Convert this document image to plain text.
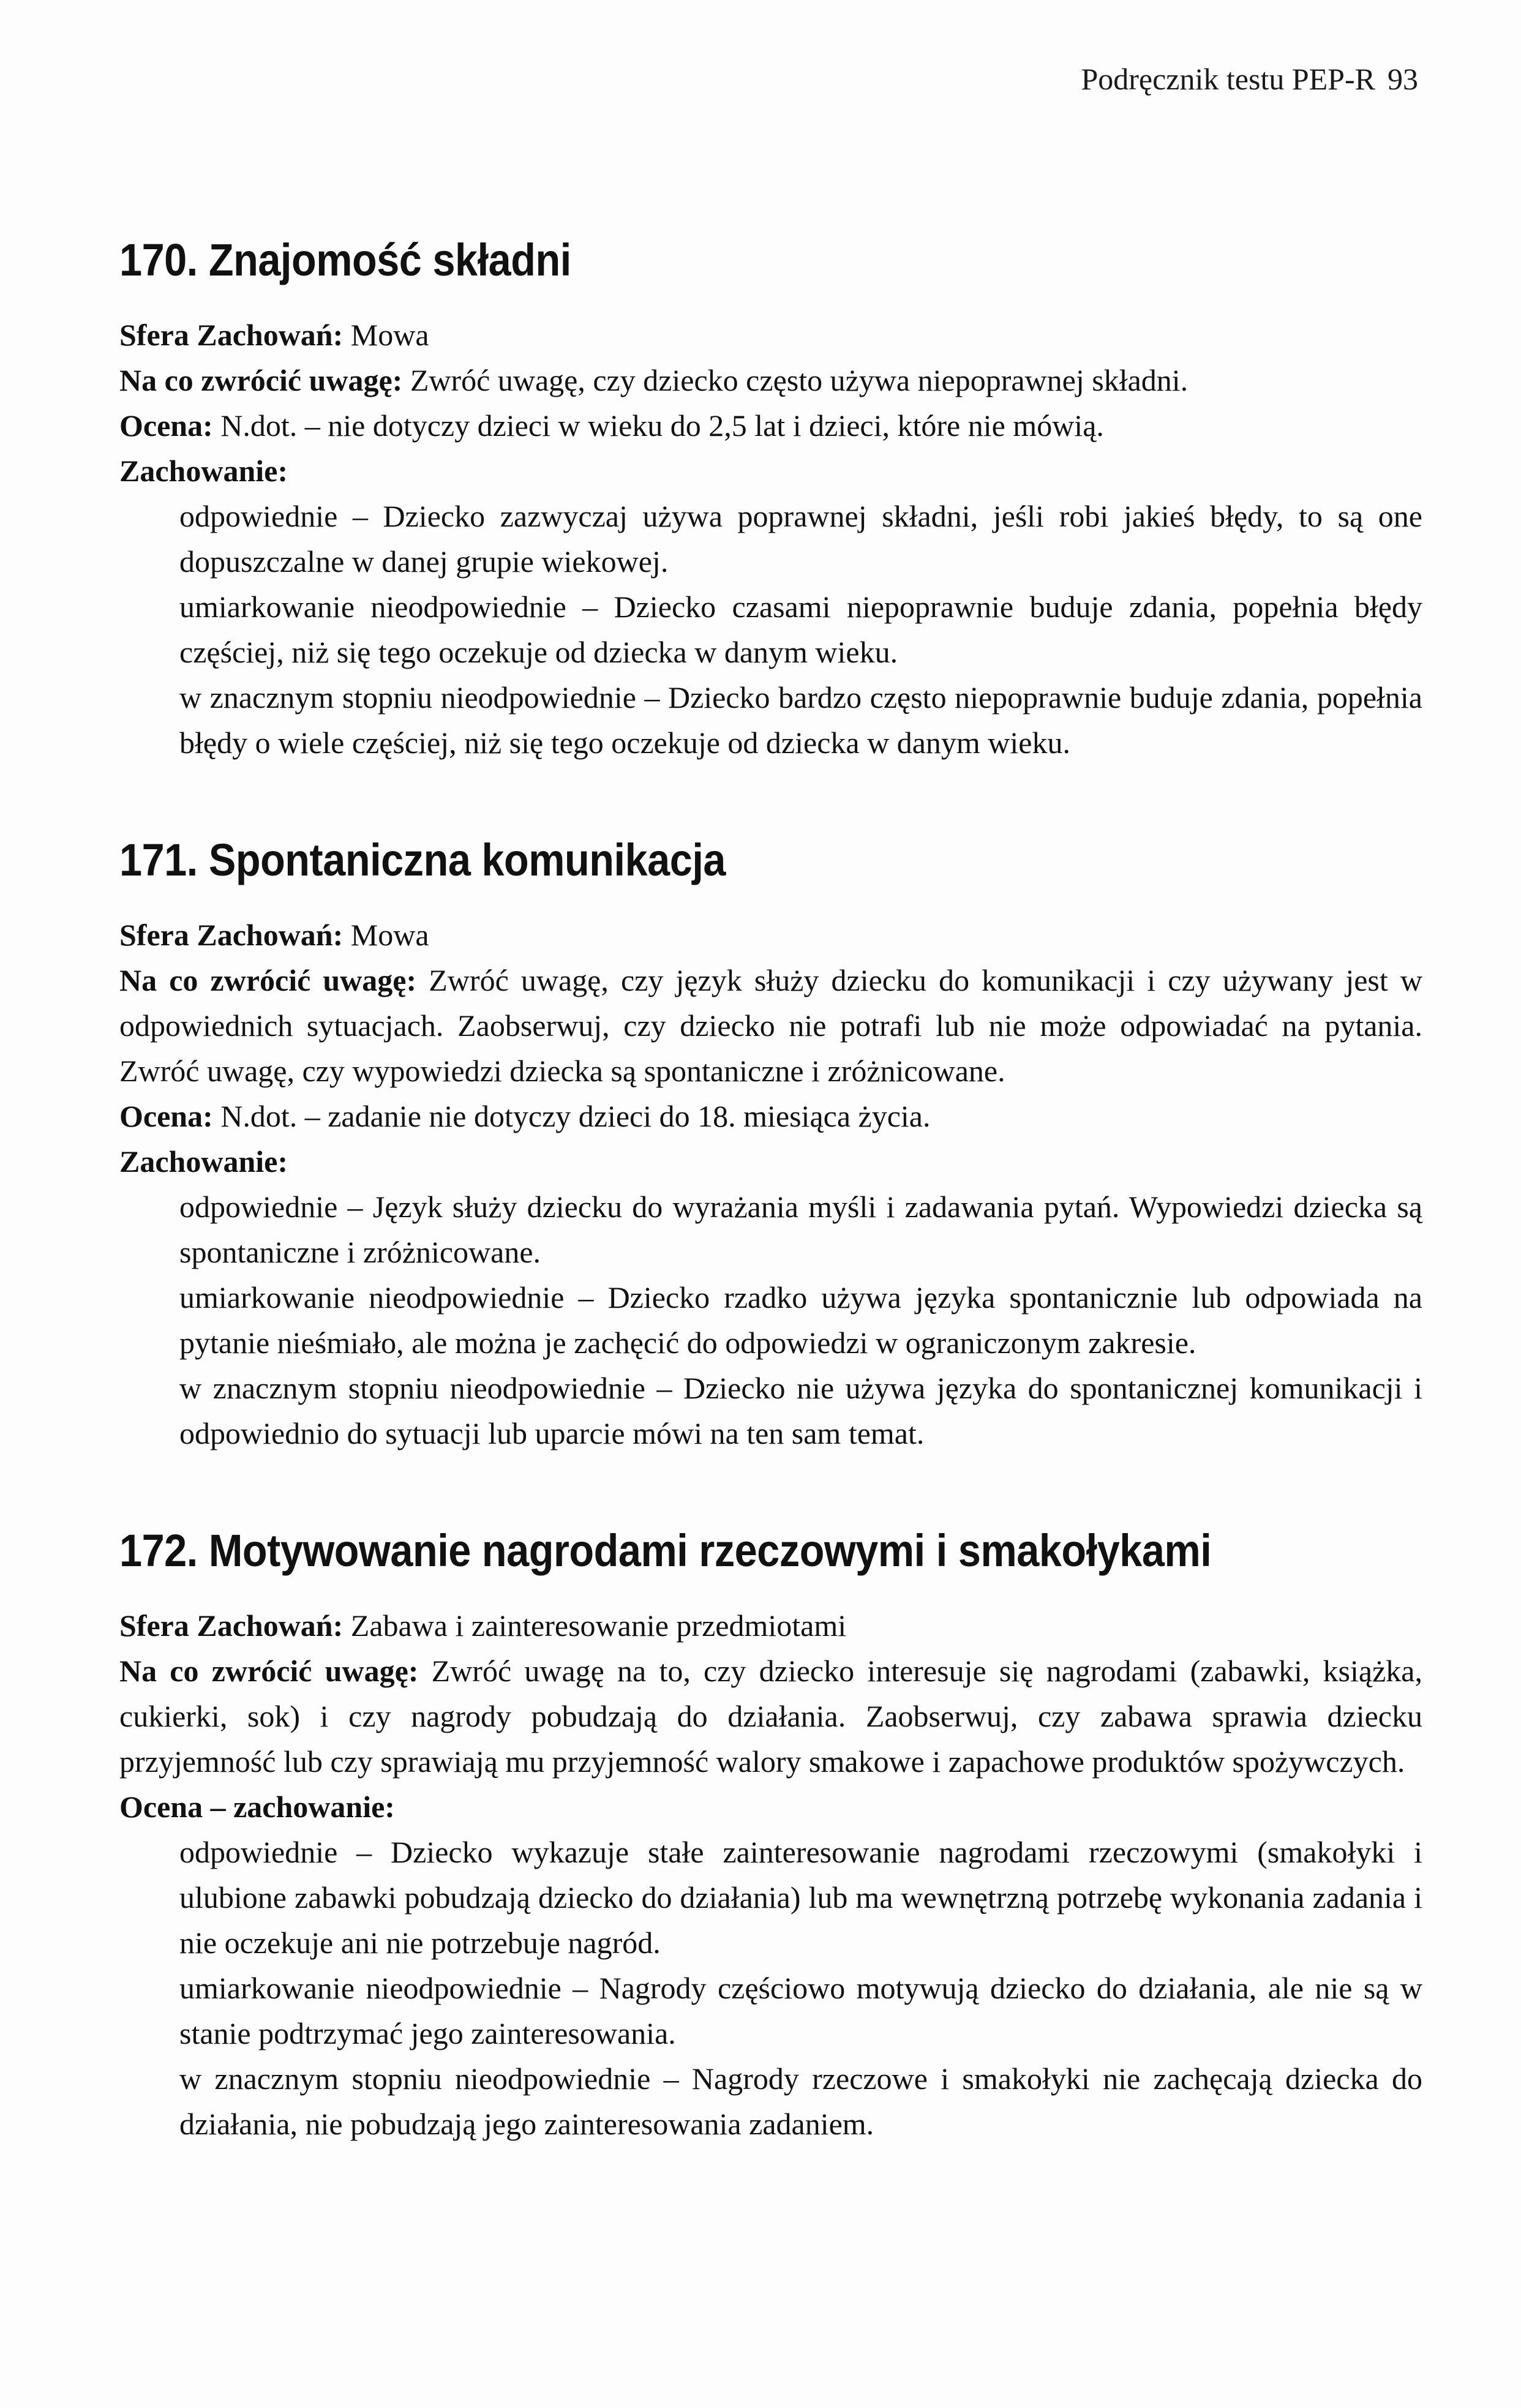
Podręcznik testu PEP-R 93
170. Znajomość składni
Sfera Zachowań: Mowa
Na co zwrócić uwagę: Zwróć uwagę, czy dziecko często używa niepoprawnej składni.
Ocena: N.dot. – nie dotyczy dzieci w wieku do 2,5 lat i dzieci, które nie mówią.
Zachowanie:
odpowiednie – Dziecko zazwyczaj używa poprawnej składni, jeśli robi jakieś błędy, to są one dopuszczalne w danej grupie wiekowej.
umiarkowanie nieodpowiednie – Dziecko czasami niepoprawnie buduje zdania, popełnia błędy częściej, niż się tego oczekuje od dziecka w danym wieku.
w znacznym stopniu nieodpowiednie – Dziecko bardzo często niepoprawnie buduje zdania, popełnia błędy o wiele częściej, niż się tego oczekuje od dziecka w danym wieku.
171. Spontaniczna komunikacja
Sfera Zachowań: Mowa
Na co zwrócić uwagę: Zwróć uwagę, czy język służy dziecku do komunikacji i czy używany jest w odpowiednich sytuacjach. Zaobserwuj, czy dziecko nie potrafi lub nie może odpowiadać na pytania. Zwróć uwagę, czy wypowiedzi dziecka są spontaniczne i zróżnicowane.
Ocena: N.dot. – zadanie nie dotyczy dzieci do 18. miesiąca życia.
Zachowanie:
odpowiednie – Język służy dziecku do wyrażania myśli i zadawania pytań. Wypowiedzi dziecka są spontaniczne i zróżnicowane.
umiarkowanie nieodpowiednie – Dziecko rzadko używa języka spontanicznie lub odpowiada na pytanie nieśmiało, ale można je zachęcić do odpowiedzi w ograniczonym zakresie.
w znacznym stopniu nieodpowiednie – Dziecko nie używa języka do spontanicznej komunikacji i odpowiednio do sytuacji lub uparcie mówi na ten sam temat.
172. Motywowanie nagrodami rzeczowymi i smakołykami
Sfera Zachowań: Zabawa i zainteresowanie przedmiotami
Na co zwrócić uwagę: Zwróć uwagę na to, czy dziecko interesuje się nagrodami (zabawki, książka, cukierki, sok) i czy nagrody pobudzają do działania. Zaobserwuj, czy zabawa sprawia dziecku przyjemność lub czy sprawiają mu przyjemność walory smakowe i zapachowe produktów spożywczych.
Ocena – zachowanie:
odpowiednie – Dziecko wykazuje stałe zainteresowanie nagrodami rzeczowymi (smakołyki i ulubione zabawki pobudzają dziecko do działania) lub ma wewnętrzną potrzebę wykonania zadania i nie oczekuje ani nie potrzebuje nagród.
umiarkowanie nieodpowiednie – Nagrody częściowo motywują dziecko do działania, ale nie są w stanie podtrzymać jego zainteresowania.
w znacznym stopniu nieodpowiednie – Nagrody rzeczowe i smakołyki nie zachęcają dziecka do działania, nie pobudzają jego zainteresowania zadaniem.
